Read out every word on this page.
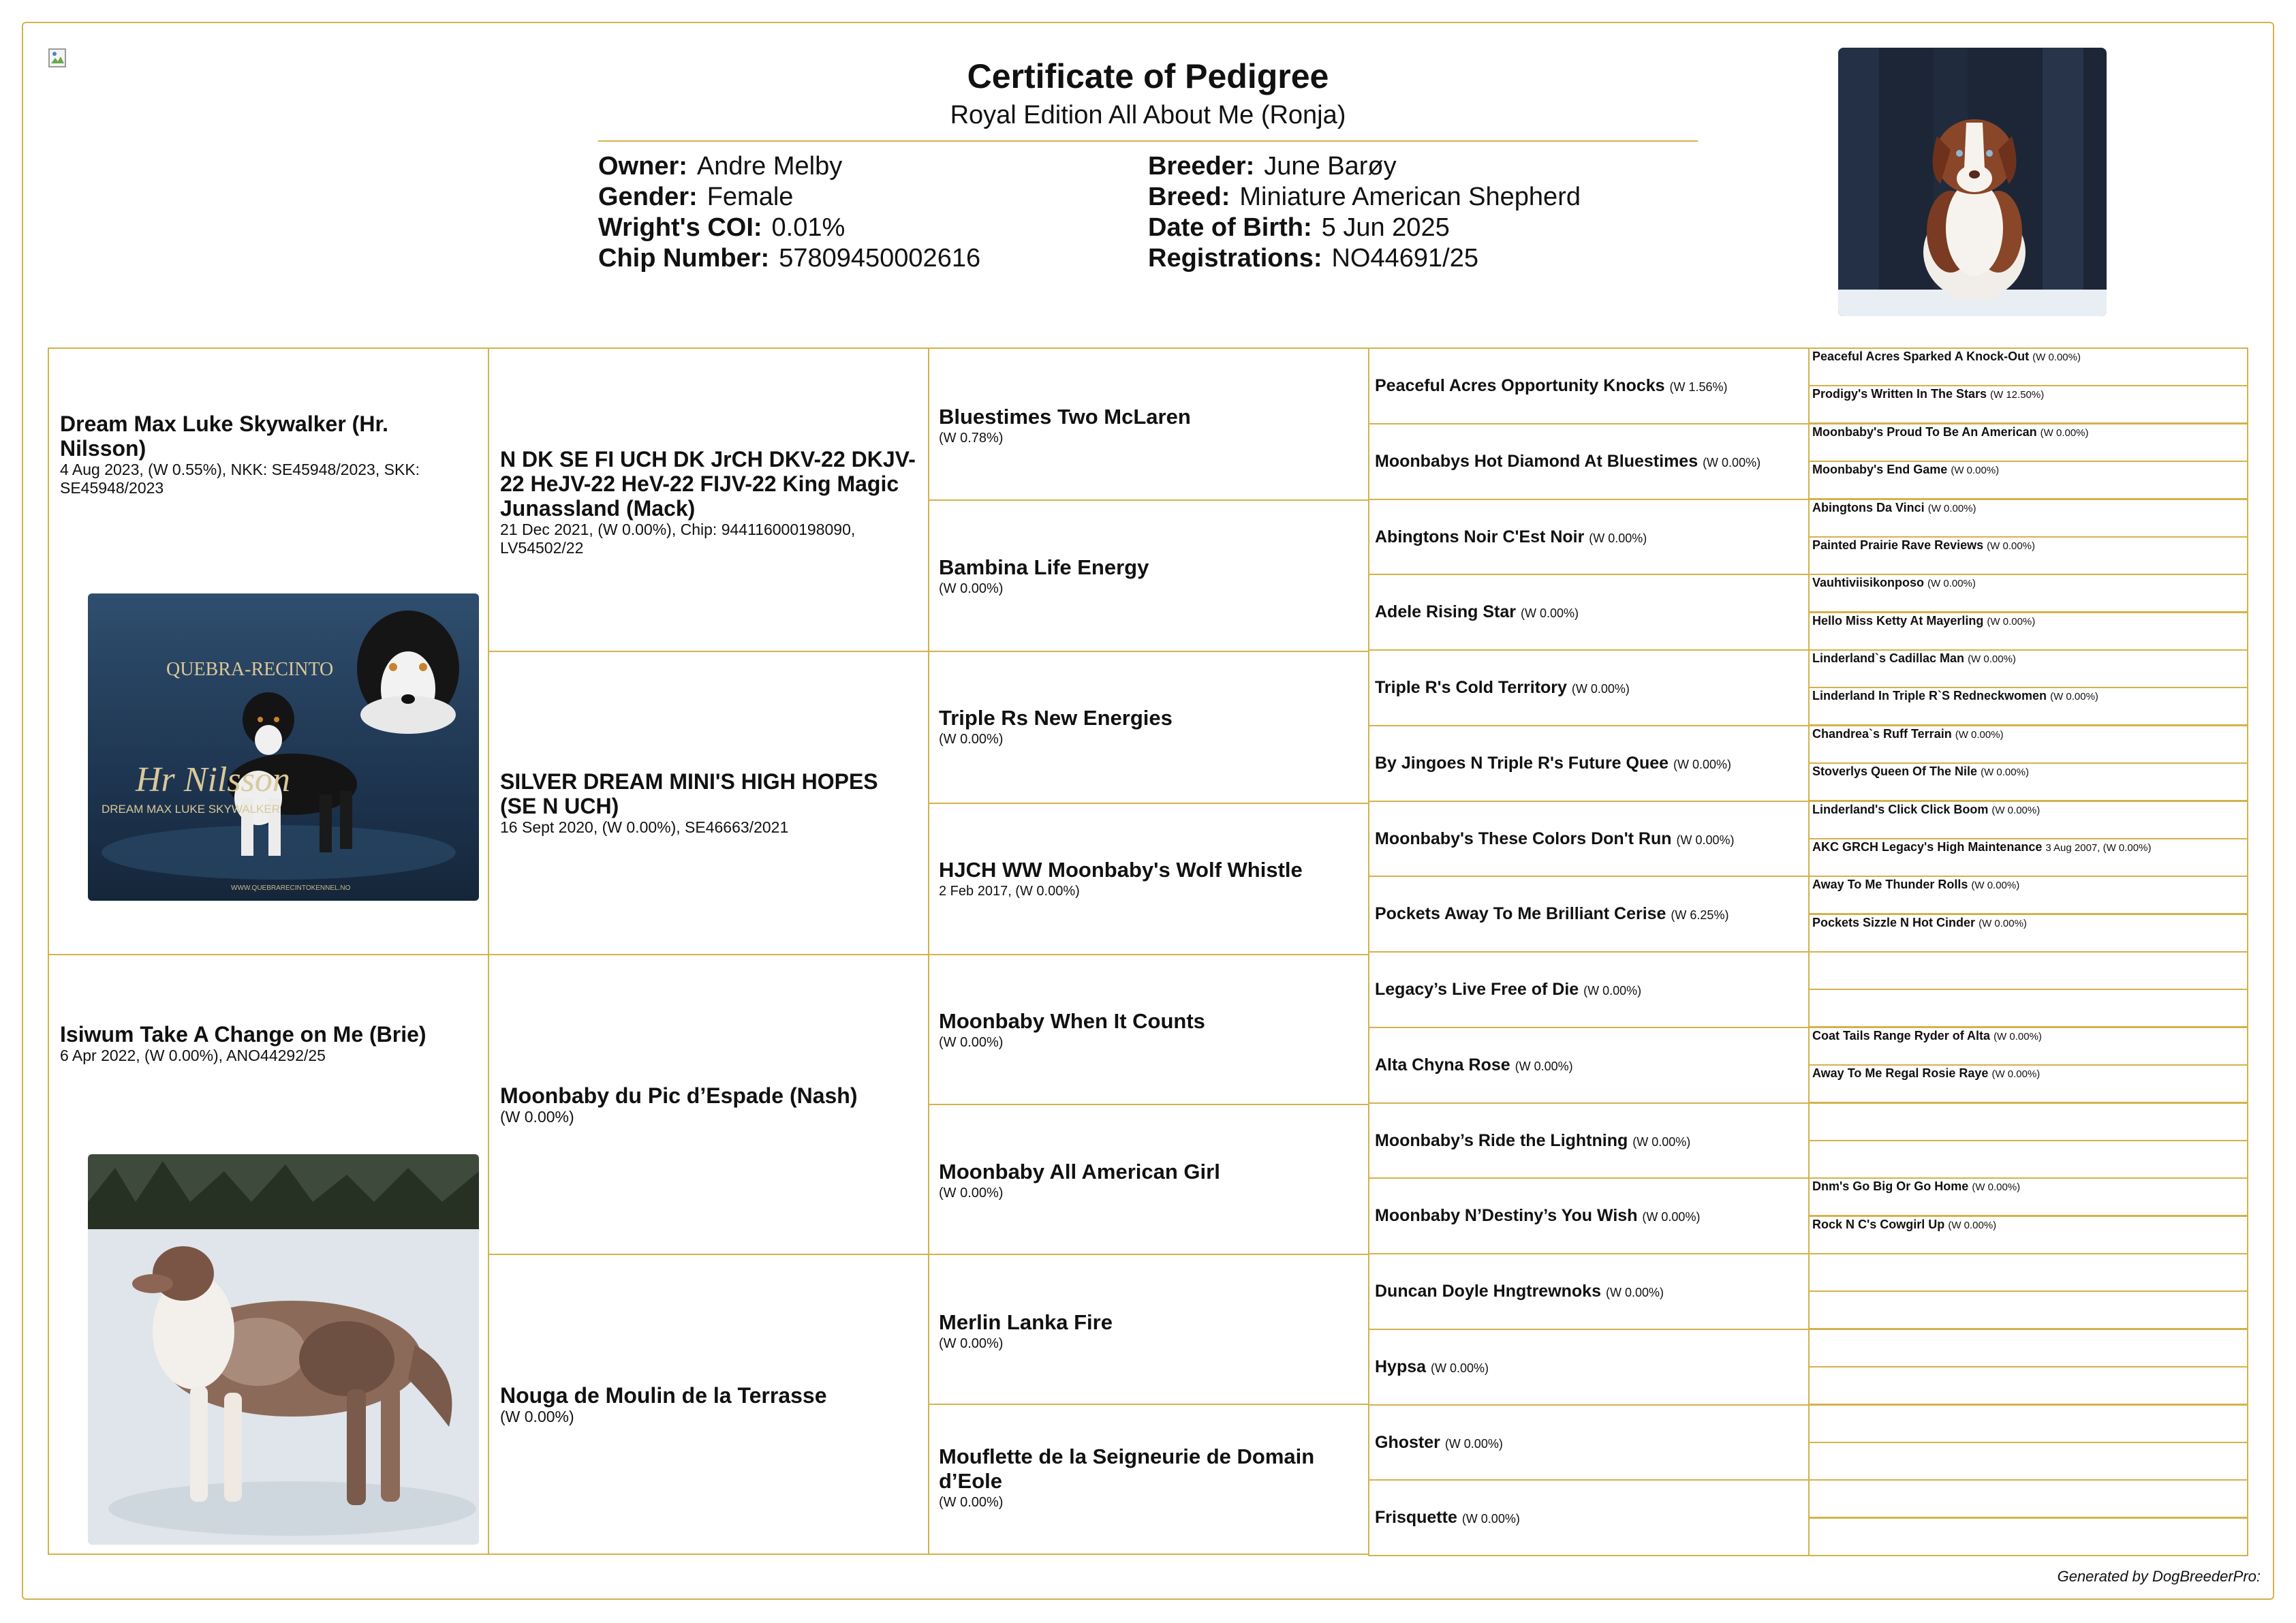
Certificate of Pedigree
Royal Edition All About Me (Ronja)
Owner: Andre Melby
Gender: Female
Wright's COI: 0.01%
Chip Number: 57809450002616
Breeder: June Barøy
Breed: Miniature American Shepherd
Date of Birth: 5 Jun 2025
Registrations: NO44691/25
Dream Max Luke Skywalker (Hr. Nilsson)
4 Aug 2023, (W 0.55%), NKK: SE45948/2023, SKK: SE45948/2023
Isiwum Take A Change on Me (Brie)
6 Apr 2022, (W 0.00%), ANO44292/25
QUEBRA-RECINTO
Hr Nilsson
DREAM MAX LUKE SKYWALKER
WWW.QUEBRARECINTOKENNEL.NO
N DK SE FI UCH DK JrCH DKV-22 DKJV-22 HeJV-22 HeV-22 FIJV-22 King Magic Junassland (Mack)
21 Dec 2021, (W 0.00%), Chip: 944116000198090, LV54502/22
SILVER DREAM MINI'S HIGH HOPES (SE N UCH)
16 Sept 2020, (W 0.00%), SE46663/2021
Moonbaby du Pic d’Espade (Nash)
(W 0.00%)
Nouga de Moulin de la Terrasse
(W 0.00%)
Bluestimes Two McLaren
(W 0.78%)
Bambina Life Energy
(W 0.00%)
Triple Rs New Energies
(W 0.00%)
HJCH WW Moonbaby's Wolf Whistle
2 Feb 2017, (W 0.00%)
Moonbaby When It Counts
(W 0.00%)
Moonbaby All American Girl
(W 0.00%)
Merlin Lanka Fire
(W 0.00%)
Mouflette de la Seigneurie de Domain d’Eole
(W 0.00%)
Peaceful Acres Opportunity Knocks (W 1.56%)
Moonbabys Hot Diamond At Bluestimes (W 0.00%)
Abingtons Noir C'Est Noir (W 0.00%)
Adele Rising Star (W 0.00%)
Triple R's Cold Territory (W 0.00%)
By Jingoes N Triple R's Future Quee (W 0.00%)
Moonbaby's These Colors Don't Run (W 0.00%)
Pockets Away To Me Brilliant Cerise (W 6.25%)
Legacy’s Live Free of Die (W 0.00%)
Alta Chyna Rose (W 0.00%)
Moonbaby’s Ride the Lightning (W 0.00%)
Moonbaby N’Destiny’s You Wish (W 0.00%)
Duncan Doyle Hngtrewnoks (W 0.00%)
Hypsa (W 0.00%)
Ghoster (W 0.00%)
Frisquette (W 0.00%)
Peaceful Acres Sparked A Knock-Out (W 0.00%)
Prodigy's Written In The Stars (W 12.50%)
Moonbaby's Proud To Be An American (W 0.00%)
Moonbaby's End Game (W 0.00%)
Abingtons Da Vinci (W 0.00%)
Painted Prairie Rave Reviews (W 0.00%)
Vauhtiviisikonposo (W 0.00%)
Hello Miss Ketty At Mayerling (W 0.00%)
Linderland`s Cadillac Man (W 0.00%)
Linderland In Triple R`S Redneckwomen (W 0.00%)
Chandrea`s Ruff Terrain (W 0.00%)
Stoverlys Queen Of The Nile (W 0.00%)
Linderland's Click Click Boom (W 0.00%)
AKC GRCH Legacy's High Maintenance 3 Aug 2007, (W 0.00%)
Away To Me Thunder Rolls (W 0.00%)
Pockets Sizzle N Hot Cinder (W 0.00%)
Coat Tails Range Ryder of Alta (W 0.00%)
Away To Me Regal Rosie Raye (W 0.00%)
Dnm's Go Big Or Go Home (W 0.00%)
Rock N C's Cowgirl Up (W 0.00%)
Generated by DogBreederPro:
